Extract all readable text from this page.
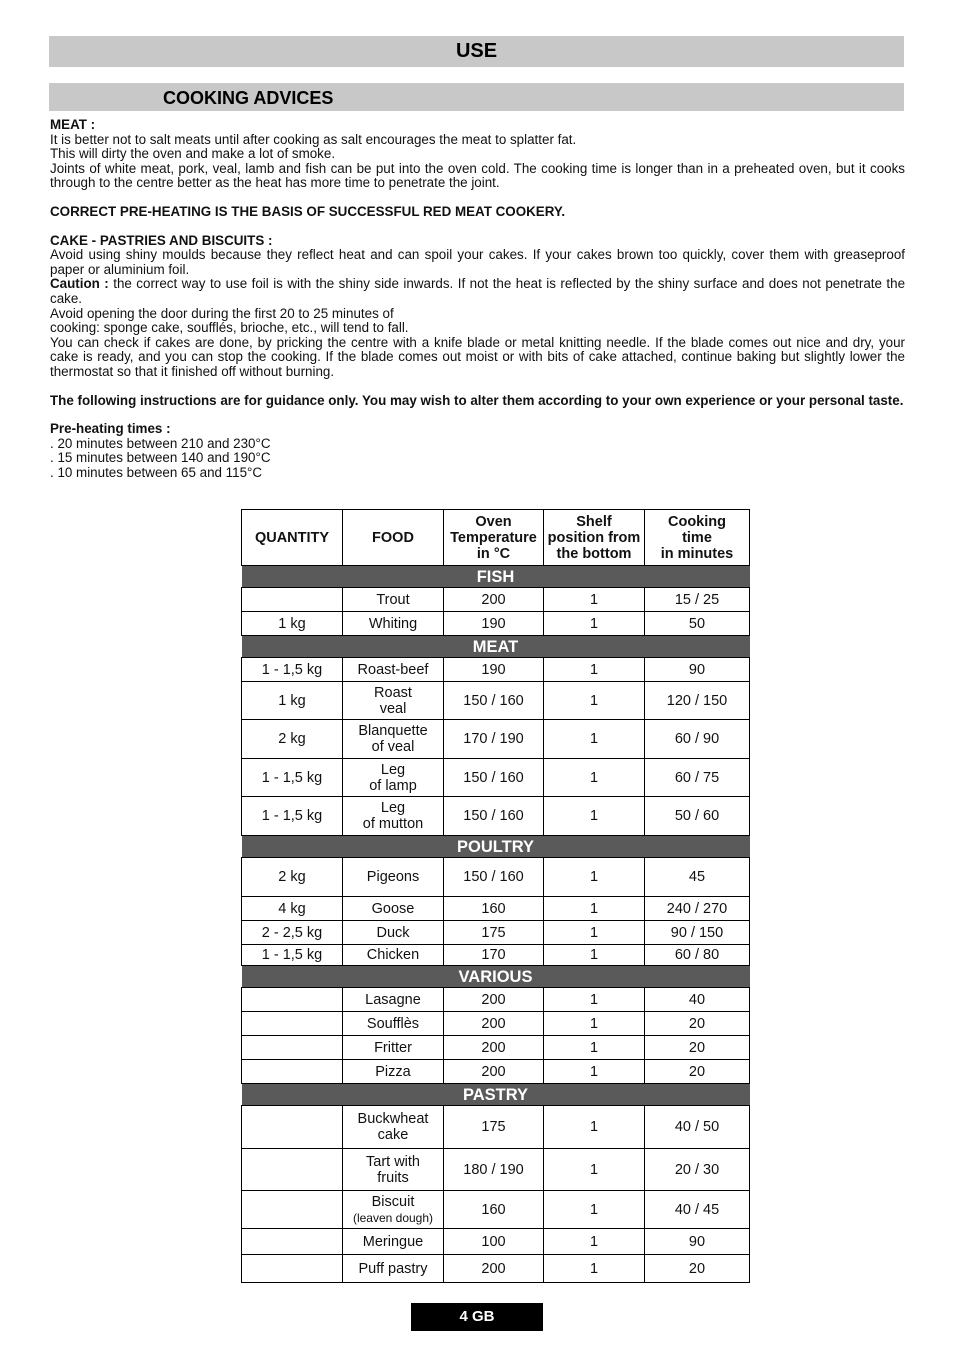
USE
COOKING ADVICES

MEAT :

It is better not to salt meats until after cooking as salt encourages the meat to splatter fat.

This will dirty the oven and make a lot of smoke.

Joints of white meat, pork, veal, lamb and fish can be put into the oven cold. The cooking time is longer than in a preheated oven, but it cooks through to the centre better as the heat has more time to penetrate the joint.

CORRECT PRE-HEATING IS THE BASIS OF SUCCESSFUL RED MEAT COOKERY.

CAKE - PASTRIES AND BISCUITS :

Avoid using shiny moulds because they reflect heat and can spoil your cakes. If your cakes brown too quickly, cover them with greaseproof paper or aluminium foil.

Caution : the correct way to use foil is with the shiny side inwards. If not the heat is reflected by the shiny surface and does not penetrate the cake.

Avoid opening the door during the first 20 to 25 minutes of

cooking: sponge cake, soufflés, brioche, etc., will tend to fall.

You can check if cakes are done, by pricking the centre with a knife blade or metal knitting needle. If the blade comes out nice and dry, your cake is ready, and you can stop the cooking. If the blade comes out moist or with bits of cake attached, continue baking but slightly lower the thermostat so that it finished off without burning.

The following instructions are for guidance only. You may wish to alter them according to your own experience or your personal taste.

Pre-heating times :

. 20 minutes between 210 and 230°C

. 15 minutes between 140 and 190°C

. 10 minutes between 65 and 115°C

QUANTITY	FOOD	Oven
Temperature
in °C	Shelf
position from
the bottom	Cooking
time
in minutes
FISH				
	Trout	200	1	15 / 25
1 kg	Whiting	190	1	50
MEAT				
1 - 1,5 kg	Roast-beef	190	1	90
1 kg	Roast
veal	150 / 160	1	120 / 150
2 kg	Blanquette
of veal	170 / 190	1	60 / 90
1 - 1,5 kg	Leg
of lamp	150 / 160	1	60 / 75
1 - 1,5 kg	Leg
of mutton	150 / 160	1	50 / 60
POULTRY				
2 kg	Pigeons	150 / 160	1	45
4 kg	Goose	160	1	240 / 270
2 - 2,5 kg	Duck	175	1	90 / 150
1 - 1,5 kg	Chicken	170	1	60 / 80
VARIOUS				
	Lasagne	200	1	40
	Soufflès	200	1	20
	Fritter	200	1	20
	Pizza	200	1	20
PASTRY				
	Buckwheat
cake	175	1	40 / 50
	Tart with
fruits	180 / 190	1	20 / 30
	Biscuit
(leaven dough)	160	1	40 / 45
	Meringue	100	1	90
	Puff pastry	200	1	20
4 GB
